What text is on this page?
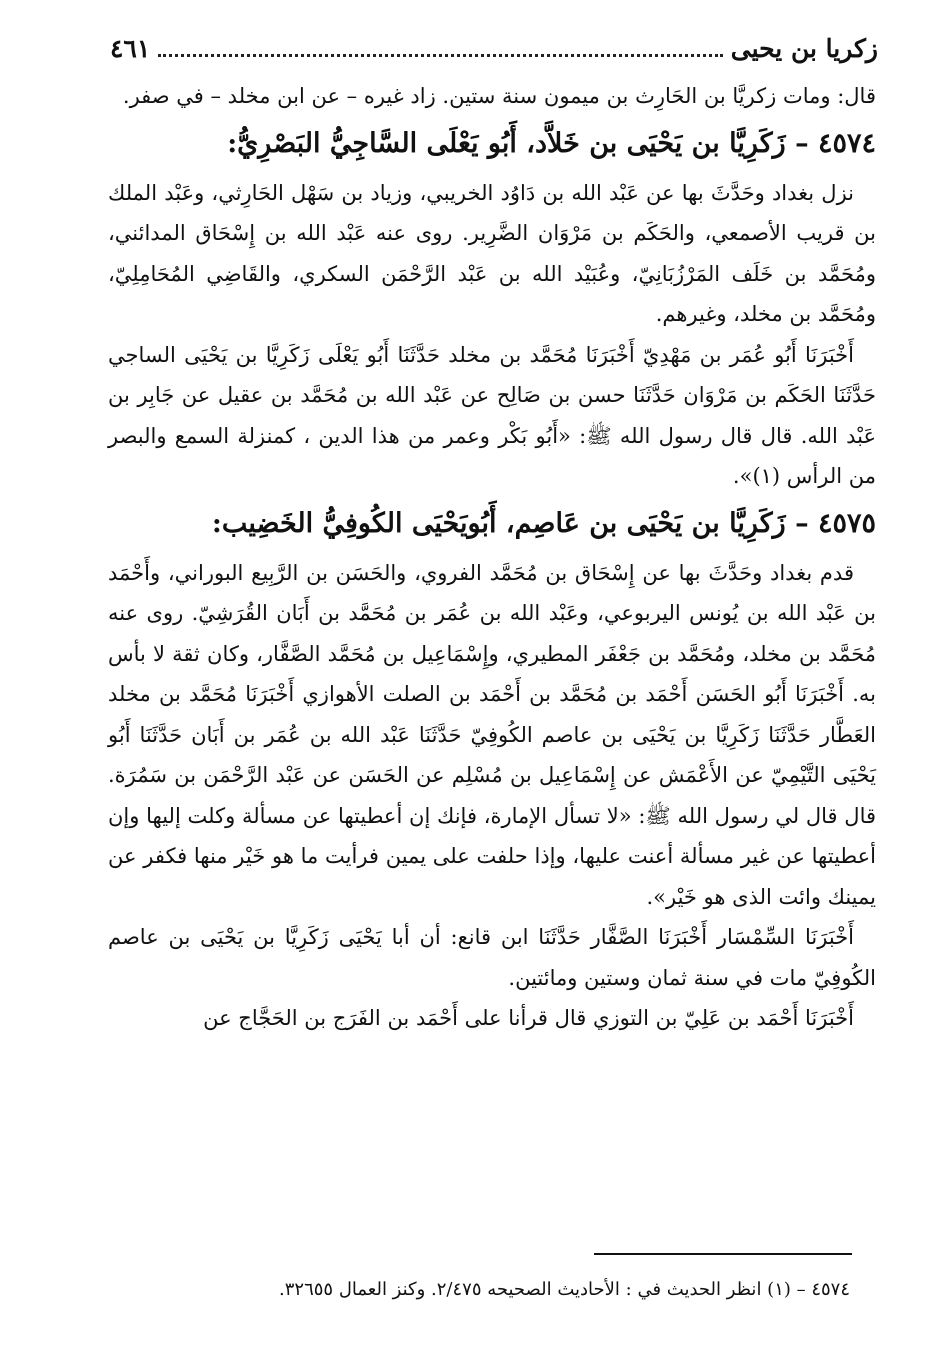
زكريا بن يحيى
٤٦١

قال: ومات زكريَّا بن الحَارِث بن ميمون سنة ستين. زاد غيره – عن ابن مخلد – في صفر.

٤٥٧٤ – زَكَرِيَّا بن يَحْيَى بن خَلاَّد، أَبُو يَعْلَى السَّاجِيُّ البَصْرِيُّ:

نزل بغداد وحَدَّثَ بها عن عَبْد الله بن دَاوُد الخريبي، وزياد بن سَهْل الحَارِثي، وعَبْد الملك بن قريب الأصمعي، والحَكَم بن مَرْوَان الضَّرِير. روى عنه عَبْد الله بن إِسْحَاق المدائني، ومُحَمَّد بن خَلَف المَرْزُبَانِيّ، وعُبَيْد الله بن عَبْد الرَّحْمَن السكري، والقَاضِي المُحَامِلِيّ، ومُحَمَّد بن مخلد، وغيرهم.

أَخْبَرَنَا أَبُو عُمَر بن مَهْدِيّ أَخْبَرَنَا مُحَمَّد بن مخلد حَدَّثَنَا أَبُو يَعْلَى زَكَرِيَّا بن يَحْيَى الساجي حَدَّثَنَا الحَكَم بن مَرْوَان حَدَّثَنَا حسن بن صَالِح عن عَبْد الله بن مُحَمَّد بن عقيل عن جَابِر بن عَبْد الله. قال قال رسول الله ﷺ: «أَبُو بَكْر وعمر من هذا الدين ، كمنزلة السمع والبصر من الرأس (١)».

٤٥٧٥ – زَكَرِيَّا بن يَحْيَى بن عَاصِم، أَبُويَحْيَى الكُوفِيُّ الخَضِيب:

قدم بغداد وحَدَّثَ بها عن إِسْحَاق بن مُحَمَّد الفروي، والحَسَن بن الرَّبِيع البوراني، وأَحْمَد بن عَبْد الله بن يُونس اليربوعي، وعَبْد الله بن عُمَر بن مُحَمَّد بن أَبَان القُرَشِيّ. روى عنه مُحَمَّد بن مخلد، ومُحَمَّد بن جَعْفَر المطيري، وإِسْمَاعِيل بن مُحَمَّد الصَّفَّار، وكان ثقة لا بأس به. أَخْبَرَنَا أَبُو الحَسَن أَحْمَد بن مُحَمَّد بن أَحْمَد بن الصلت الأهوازي أَخْبَرَنَا مُحَمَّد بن مخلد العَطَّار حَدَّثَنَا زَكَرِيَّا بن يَحْيَى بن عاصم الكُوفِيّ حَدَّثَنَا عَبْد الله بن عُمَر بن أَبَان حَدَّثَنَا أَبُو يَحْيَى التَّيْمِيّ عن الأَعْمَش عن إِسْمَاعِيل بن مُسْلِم عن الحَسَن عن عَبْد الرَّحْمَن بن سَمُرَة. قال قال لي رسول الله ﷺ: «لا تسأل الإمارة، فإنك إن أعطيتها عن مسألة وكلت إليها وإن أعطيتها عن غير مسألة أعنت عليها، وإذا حلفت على يمين فرأيت ما هو خَيْر منها فكفر عن يمينك وائت الذى هو خَيْر».

أَخْبَرَنَا السِّمْسَار أَخْبَرَنَا الصَّفَّار حَدَّثَنَا ابن قانع: أن أبا يَحْيَى زَكَرِيَّا بن يَحْيَى بن عاصم الكُوفِيّ مات في سنة ثمان وستين ومائتين.

أَخْبَرَنَا أَحْمَد بن عَلِيّ بن التوزي قال قرأنا على أَحْمَد بن الفَرَج بن الحَجَّاج عن

٤٥٧٤ – (١) انظر الحديث في : الأحاديث الصحيحه ٢/٤٧٥. وكنز العمال ٣٢٦٥٥.
